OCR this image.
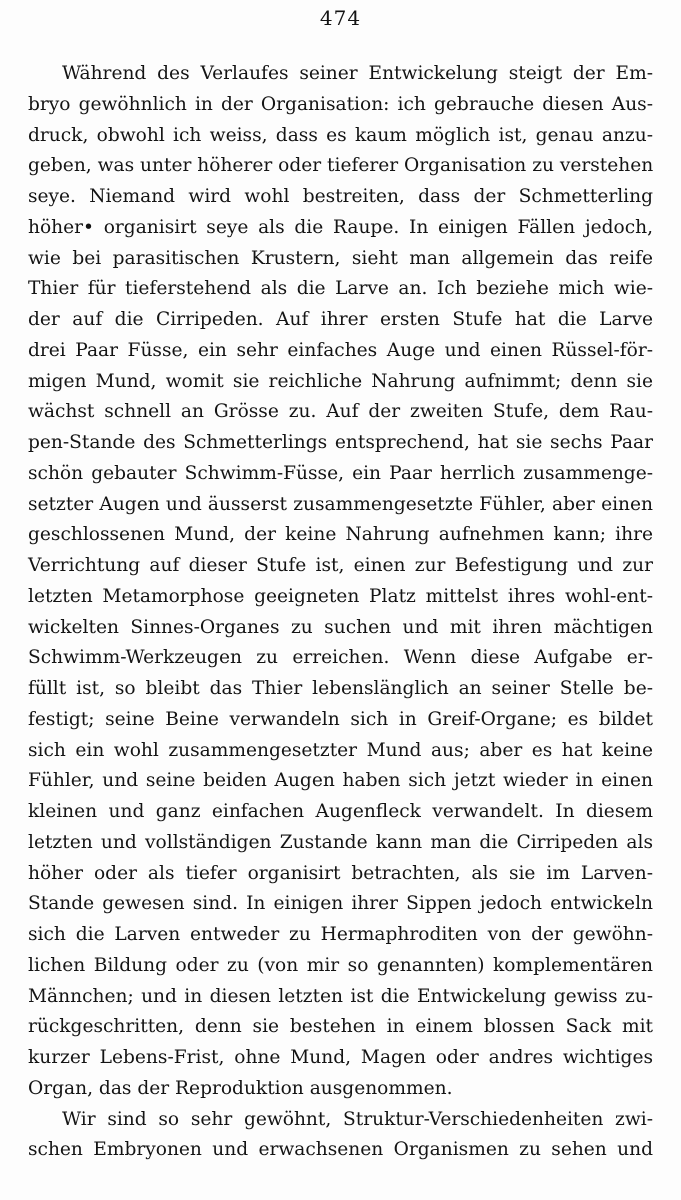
474
Während des Verlaufes seiner Entwickelung steigt der Em-
bryo gewöhnlich in der Organisation: ich gebrauche diesen Aus-
druck, obwohl ich weiss, dass es kaum möglich ist, genau anzu-
geben, was unter höherer oder tieferer Organisation zu verstehen
seye. Niemand wird wohl bestreiten, dass der Schmetterling
höher• organisirt seye als die Raupe. In einigen Fällen jedoch,
wie bei parasitischen Krustern, sieht man allgemein das reife
Thier für tieferstehend als die Larve an. Ich beziehe mich wie-
der auf die Cirripeden. Auf ihrer ersten Stufe hat die Larve
drei Paar Füsse, ein sehr einfaches Auge und einen Rüssel-för-
migen Mund, womit sie reichliche Nahrung aufnimmt; denn sie
wächst schnell an Grösse zu. Auf der zweiten Stufe, dem Rau-
pen-Stande des Schmetterlings entsprechend, hat sie sechs Paar
schön gebauter Schwimm-Füsse, ein Paar herrlich zusammenge-
setzter Augen und äusserst zusammengesetzte Fühler, aber einen
geschlossenen Mund, der keine Nahrung aufnehmen kann; ihre
Verrichtung auf dieser Stufe ist, einen zur Befestigung und zur
letzten Metamorphose geeigneten Platz mittelst ihres wohl-ent-
wickelten Sinnes-Organes zu suchen und mit ihren mächtigen
Schwimm-Werkzeugen zu erreichen. Wenn diese Aufgabe er-
füllt ist, so bleibt das Thier lebenslänglich an seiner Stelle be-
festigt; seine Beine verwandeln sich in Greif-Organe; es bildet
sich ein wohl zusammengesetzter Mund aus; aber es hat keine
Fühler, und seine beiden Augen haben sich jetzt wieder in einen
kleinen und ganz einfachen Augenfleck verwandelt. In diesem
letzten und vollständigen Zustande kann man die Cirripeden als
höher oder als tiefer organisirt betrachten, als sie im Larven-
Stande gewesen sind. In einigen ihrer Sippen jedoch entwickeln
sich die Larven entweder zu Hermaphroditen von der gewöhn-
lichen Bildung oder zu (von mir so genannten) komplementären
Männchen; und in diesen letzten ist die Entwickelung gewiss zu-
rückgeschritten, denn sie bestehen in einem blossen Sack mit
kurzer Lebens-Frist, ohne Mund, Magen oder andres wichtiges
Organ, das der Reproduktion ausgenommen.
Wir sind so sehr gewöhnt, Struktur-Verschiedenheiten zwi-
schen Embryonen und erwachsenen Organismen zu sehen und
